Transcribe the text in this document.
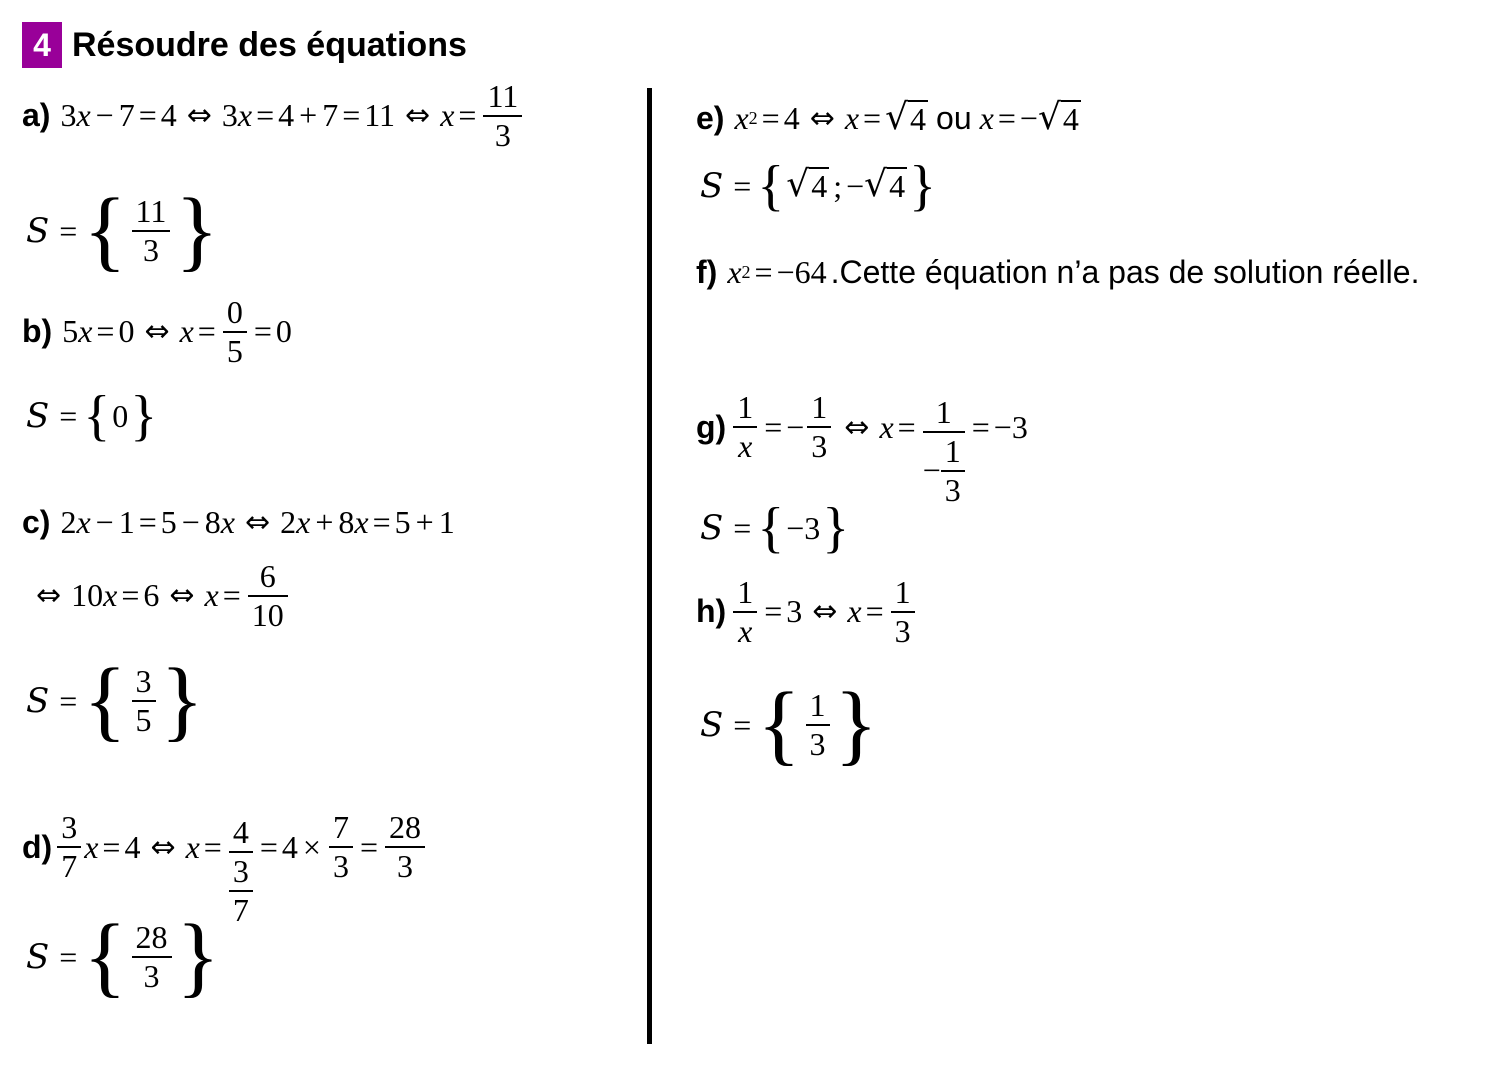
4 Résoudre des équations
a) 3 x − 7 = 4 ⇔ 3 x = 4 + 7 = 11 ⇔ $x = \frac{11}{3}$
S = { $\frac{11}{3}$ }
b) 5 x = 0 ⇔ $x = \frac{0}{5} = 0$
S = { 0 }
c) 2 x − 1 = 5 − 8 x ⇔ 2 x + 8 x = 5 + 1
⇔ 10 x = 6 ⇔ $x = \frac{6}{10}$
S = { $\frac{3}{5}$ }
$d) \frac{3}{7}$ x = 4 ⇔ $x = \frac{4}{\frac{3}{7}} = 4 \times \frac{7}{3} = \frac{28}{3}$
S = { $\frac{28}{3}$ }
e) x 2 = 4 ⇔ x = √ 4 ou x = − √ 4
S = { √ 4 ; − √ 4 }
f) x 2 = − 64 .Cette équation n’a pas de solution réelle.
$g) \frac{1}{x}$ = − $\frac{1}{3}$ ⇔ $x = \frac{1}{- \frac{1}{3}}$ = − 3
S = { − 3 }
$h) \frac{1}{x} = 3$ ⇔ $x = \frac{1}{3}$
S = { $\frac{1}{3}$ }
